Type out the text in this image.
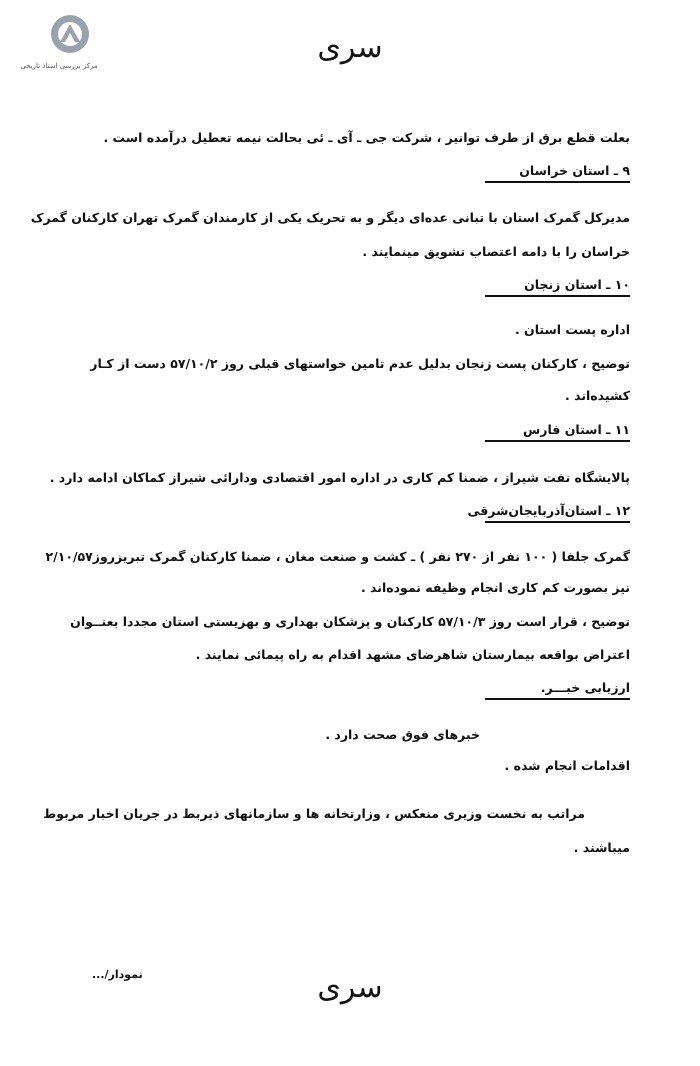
مرکز بررسی اسناد تاریخی
سری
بعلت قطع برق از طرف توانیر ، شرکت جی ـ آی ـ ئی بحالت نیمه تعطیل درآمده است .
۹ ـ استان خراسان
مدیرکل گمرک استان با تبانی عده‌ای دیگر و به تحریک یکی از کارمندان گمرک تهران کارکنان گمرک
خراسان را با دامه اعتصاب تشویق مینمایند .
۱۰ ـ استان زنجان
اداره پست استان .
توضیح ، کارکنان پست زنجان بدلیل عدم تامین خواستهای قبلی روز ۵۷/۱۰/۲ دست از کـار
کشیده‌اند .
۱۱ ـ استان فارس
پالایشگاه نفت شیراز ، ضمنا کم کاری در اداره امور اقتصادی ودارائی شیراز کماکان ادامه دارد .
۱۲ ـ استان‌آذربایجان‌شرقی
گمرک جلفا ( ۱۰۰ نفر از ۲۷۰ نفر ) ـ کشت و صنعت مغان ، ضمنا کارکنان گمرک تبریزروز۲/۱۰/۵۷
نیز بصورت کم کاری انجام وظیفه نموده‌اند .
توضیح ، قرار است روز ۵۷/۱۰/۳ کارکنان و پزشکان بهداری و بهزیستی استان مجددا بعنــوان
اعتراض بواقعه بیمارستان شاهرضای مشهد اقدام به راه پیمائی نمایند .
ارزیابی خبـــر.
خبرهای فوق صحت دارد .
اقدامات انجام شده .
مراتب به نخست وزیری منعکس ، وزارتخانه ها و سازمانهای ذیربط در جریان اخبار مربوط
میباشند .
نمودار/...	سری
